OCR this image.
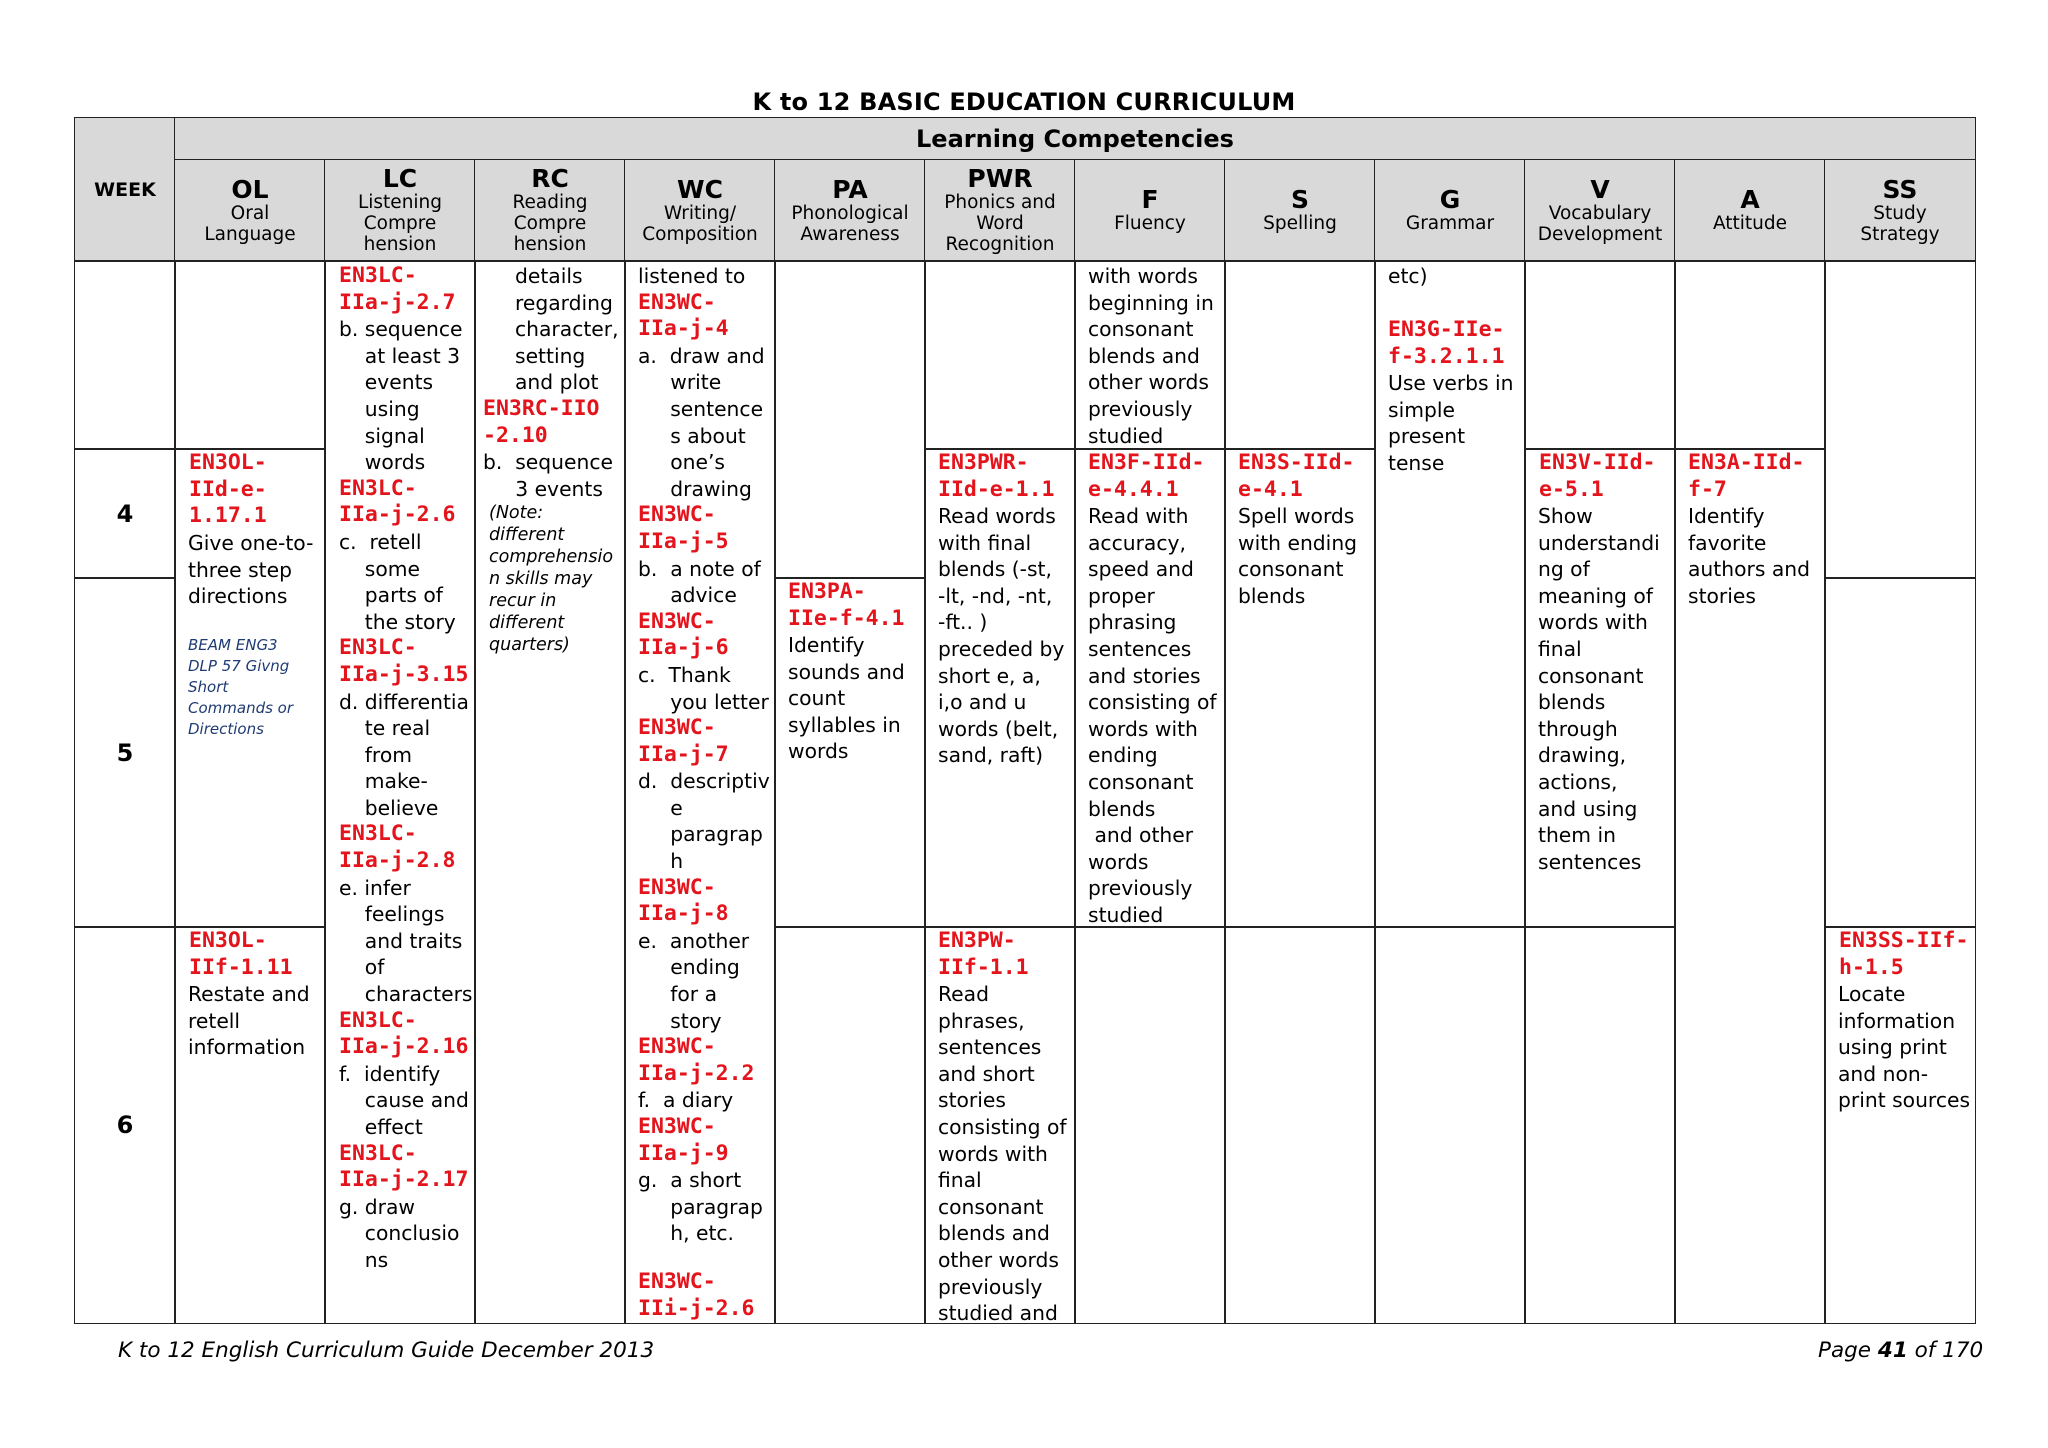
K to 12 BASIC EDUCATION CURRICULUM
WEEK
Learning Competencies
OL
Oral
Language
LC
Listening
Compre
hension
RC
Reading
Compre
hension
WC
Writing/
Composition
PA
Phonological
Awareness
PWR
Phonics and
Word
Recognition
F
Fluency
S
Spelling
G
Grammar
V
Vocabulary
Development
A
Attitude
SS
Study
Strategy
4
5
6
EN3OL-
IId-e-
1.17.1
Give one-to-
three step
directions
BEAM ENG3
DLP 57 Givng
Short
Commands or
Directions
EN3OL-
IIf-1.11
Restate and
retell
information
EN3LC-
IIa-j-2.7
b. sequence
at least 3
events
using
signal
words
EN3LC-
IIa-j-2.6
c.  retell
some
parts of
the story
EN3LC-
IIa-j-3.15
d. differentia
te real
from
make-
believe
EN3LC-
IIa-j-2.8
e. infer
feelings
and traits
of
characters
EN3LC-
IIa-j-2.16
f.  identify
cause and
effect
EN3LC-
IIa-j-2.17
g. draw
conclusio
ns
details
regarding
character,
setting
and plot
EN3RC-IIO
-2.10
b.  sequence
3 events
(Note:
different
comprehensio
n skills may
recur in
different
quarters)
listened to
EN3WC-
IIa-j-4
a.  draw and
write
sentence
s about
one’s
drawing
EN3WC-
IIa-j-5
b.  a note of
advice
EN3WC-
IIa-j-6
c.  Thank
you letter
EN3WC-
IIa-j-7
d.  descriptiv
e
paragrap
h
EN3WC-
IIa-j-8
e.  another
ending
for a
story
EN3WC-
IIa-j-2.2
f.  a diary
EN3WC-
IIa-j-9
g.  a short
paragrap
h, etc.
EN3WC-
IIi-j-2.6
EN3PA-
IIe-f-4.1
Identify
sounds and
count
syllables in
words
EN3PWR-
IId-e-1.1
Read words
with final
blends (-st,
-lt, -nd, -nt,
-ft.. )
preceded by
short e, a,
i,o and u
words (belt,
sand, raft)
EN3PW-
IIf-1.1
Read
phrases,
sentences
and short
stories
consisting of
words with
final
consonant
blends and
other words
previously
studied and
with words
beginning in
consonant
blends and
other words
previously
studied
EN3F-IId-
e-4.4.1
Read with
accuracy,
speed and
proper
phrasing
sentences
and stories
consisting of
words with
ending
consonant
blends
and other
words
previously
studied
EN3S-IId-
e-4.1
Spell words
with ending
consonant
blends
etc)
EN3G-IIe-
f-3.2.1.1
Use verbs in
simple
present
tense	EN3V-IId-
e-5.1
Show
understandi
ng of
meaning of
words with
final
consonant
blends
through
drawing,
actions,
and using
them in
sentences
EN3A-IId-
f-7
Identify
favorite
authors and
stories
EN3SS-IIf-
h-1.5
Locate
information
using print
and non-
print sources
K to 12 English Curriculum Guide December 2013	Page 41 of 170
